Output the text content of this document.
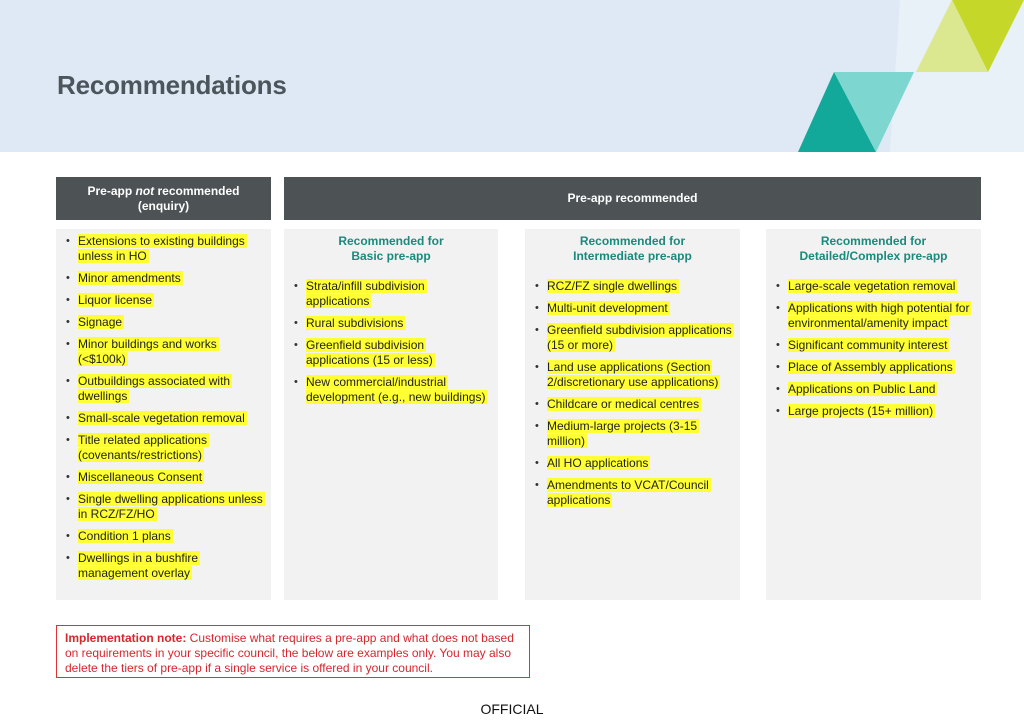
Recommendations
Pre-app not recommended
(enquiry)
Pre-app recommended
• Extensions to existing buildings unless in HO
• Minor amendments
• Liquor license
• Signage
• Minor buildings and works (<$100k)
• Outbuildings associated with dwellings
• Small-scale vegetation removal
• Title related applications (covenants/restrictions)
• Miscellaneous Consent
• Single dwelling applications unless in RCZ/FZ/HO
• Condition 1 plans
• Dwellings in a bushfire management overlay
Recommended for
Basic pre-app
• Strata/infill subdivision applications
• Rural subdivisions
• Greenfield subdivision applications (15 or less)
• New commercial/industrial development (e.g., new buildings)
Recommended for
Intermediate pre-app
• RCZ/FZ single dwellings
• Multi-unit development
• Greenfield subdivision applications (15 or more)
• Land use applications (Section 2/discretionary use applications)
• Childcare or medical centres
• Medium-large projects (3-15 million)
• All HO applications
• Amendments to VCAT/Council applications
Recommended for
Detailed/Complex pre-app
• Large-scale vegetation removal
• Applications with high potential for environmental/amenity impact
• Significant community interest
• Place of Assembly applications
• Applications on Public Land
• Large projects (15+ million)
Implementation note: Customise what requires a pre-app and what does not based on requirements in your specific council, the below are examples only. You may also delete the tiers of pre-app if a single service is offered in your council.
OFFICIAL
